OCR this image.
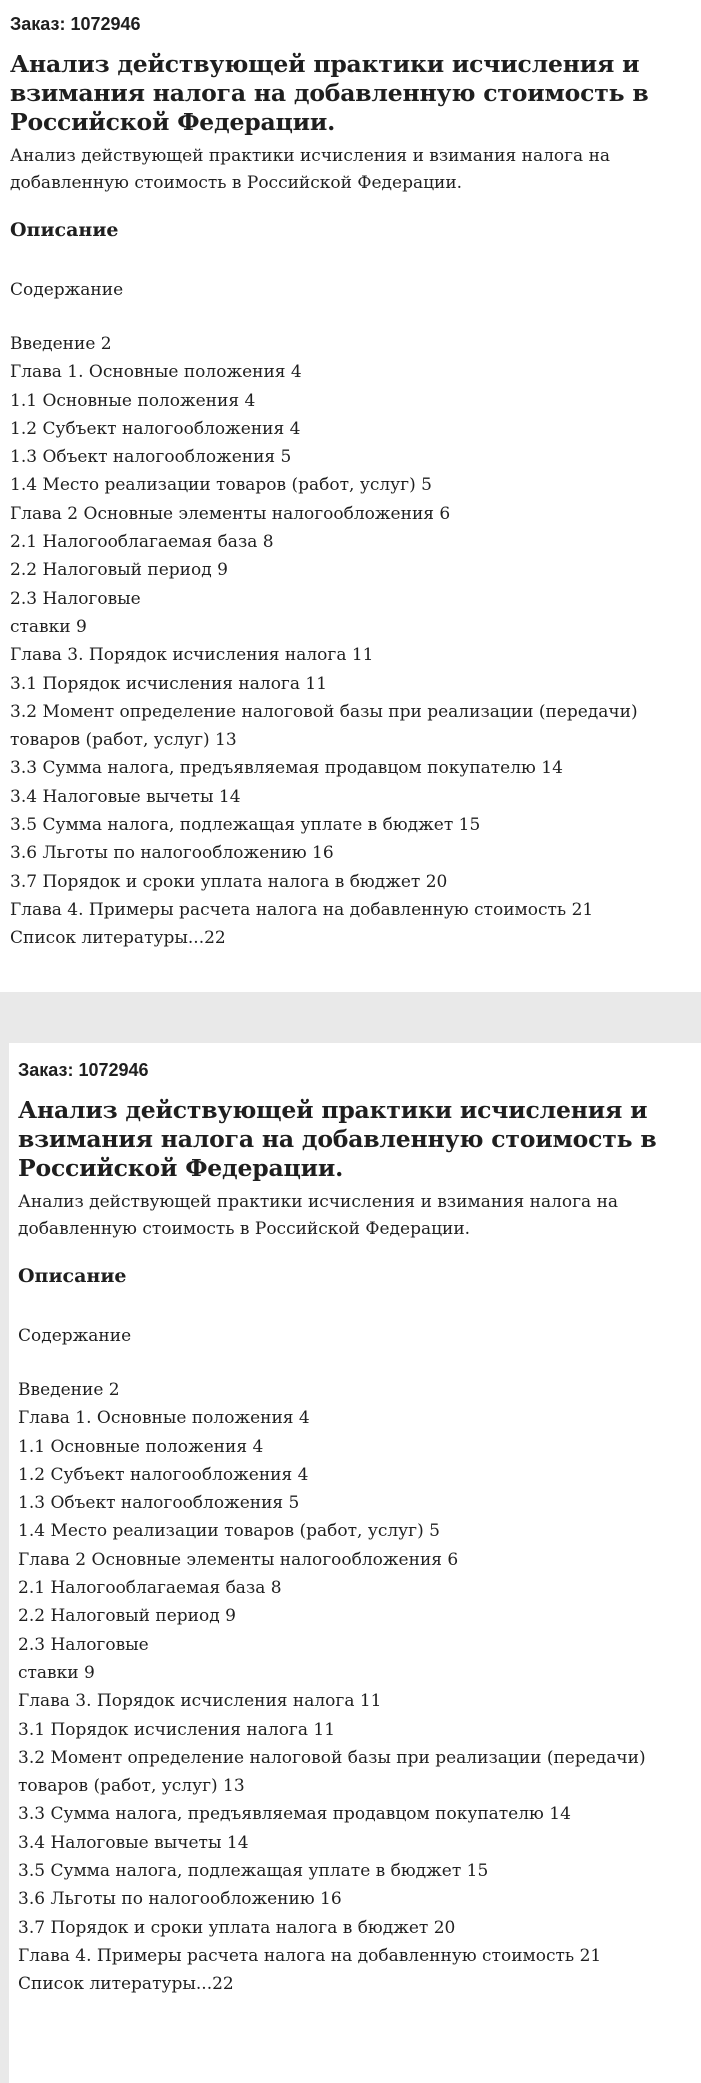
Заказ: 1072946
Анализ действующей практики исчисления и взимания налога на добавленную стоимость в Российской Федерации.
Анализ действующей практики исчисления и взимания налога на добавленную стоимость в Российской Федерации.
Описание
Содержание
Введение 2
Глава 1. Основные положения 4
1.1 Основные положения 4
1.2 Субъект налогообложения 4
1.3 Объект налогообложения 5
1.4 Место реализации товаров (работ, услуг) 5
Глава 2 Основные элементы налогообложения 6
2.1 Налогооблагаемая база 8
2.2 Налоговый период 9
2.3 Налоговые
ставки 9
Глава 3. Порядок исчисления налога 11
3.1 Порядок исчисления налога 11
3.2 Момент определение налоговой базы при реализации (передачи) товаров (работ, услуг) 13
3.3 Сумма налога, предъявляемая продавцом покупателю 14
3.4 Налоговые вычеты 14
3.5 Сумма налога, подлежащая уплате в бюджет 15
3.6 Льготы по налогообложению 16
3.7 Порядок и сроки уплата налога в бюджет 20
Глава 4. Примеры расчета налога на добавленную стоимость 21
Список литературы...22
Заказ: 1072946
Анализ действующей практики исчисления и взимания налога на добавленную стоимость в Российской Федерации.
Анализ действующей практики исчисления и взимания налога на добавленную стоимость в Российской Федерации.
Описание
Содержание
Введение 2
Глава 1. Основные положения 4
1.1 Основные положения 4
1.2 Субъект налогообложения 4
1.3 Объект налогообложения 5
1.4 Место реализации товаров (работ, услуг) 5
Глава 2 Основные элементы налогообложения 6
2.1 Налогооблагаемая база 8
2.2 Налоговый период 9
2.3 Налоговые
ставки 9
Глава 3. Порядок исчисления налога 11
3.1 Порядок исчисления налога 11
3.2 Момент определение налоговой базы при реализации (передачи) товаров (работ, услуг) 13
3.3 Сумма налога, предъявляемая продавцом покупателю 14
3.4 Налоговые вычеты 14
3.5 Сумма налога, подлежащая уплате в бюджет 15
3.6 Льготы по налогообложению 16
3.7 Порядок и сроки уплата налога в бюджет 20
Глава 4. Примеры расчета налога на добавленную стоимость 21
Список литературы...22
